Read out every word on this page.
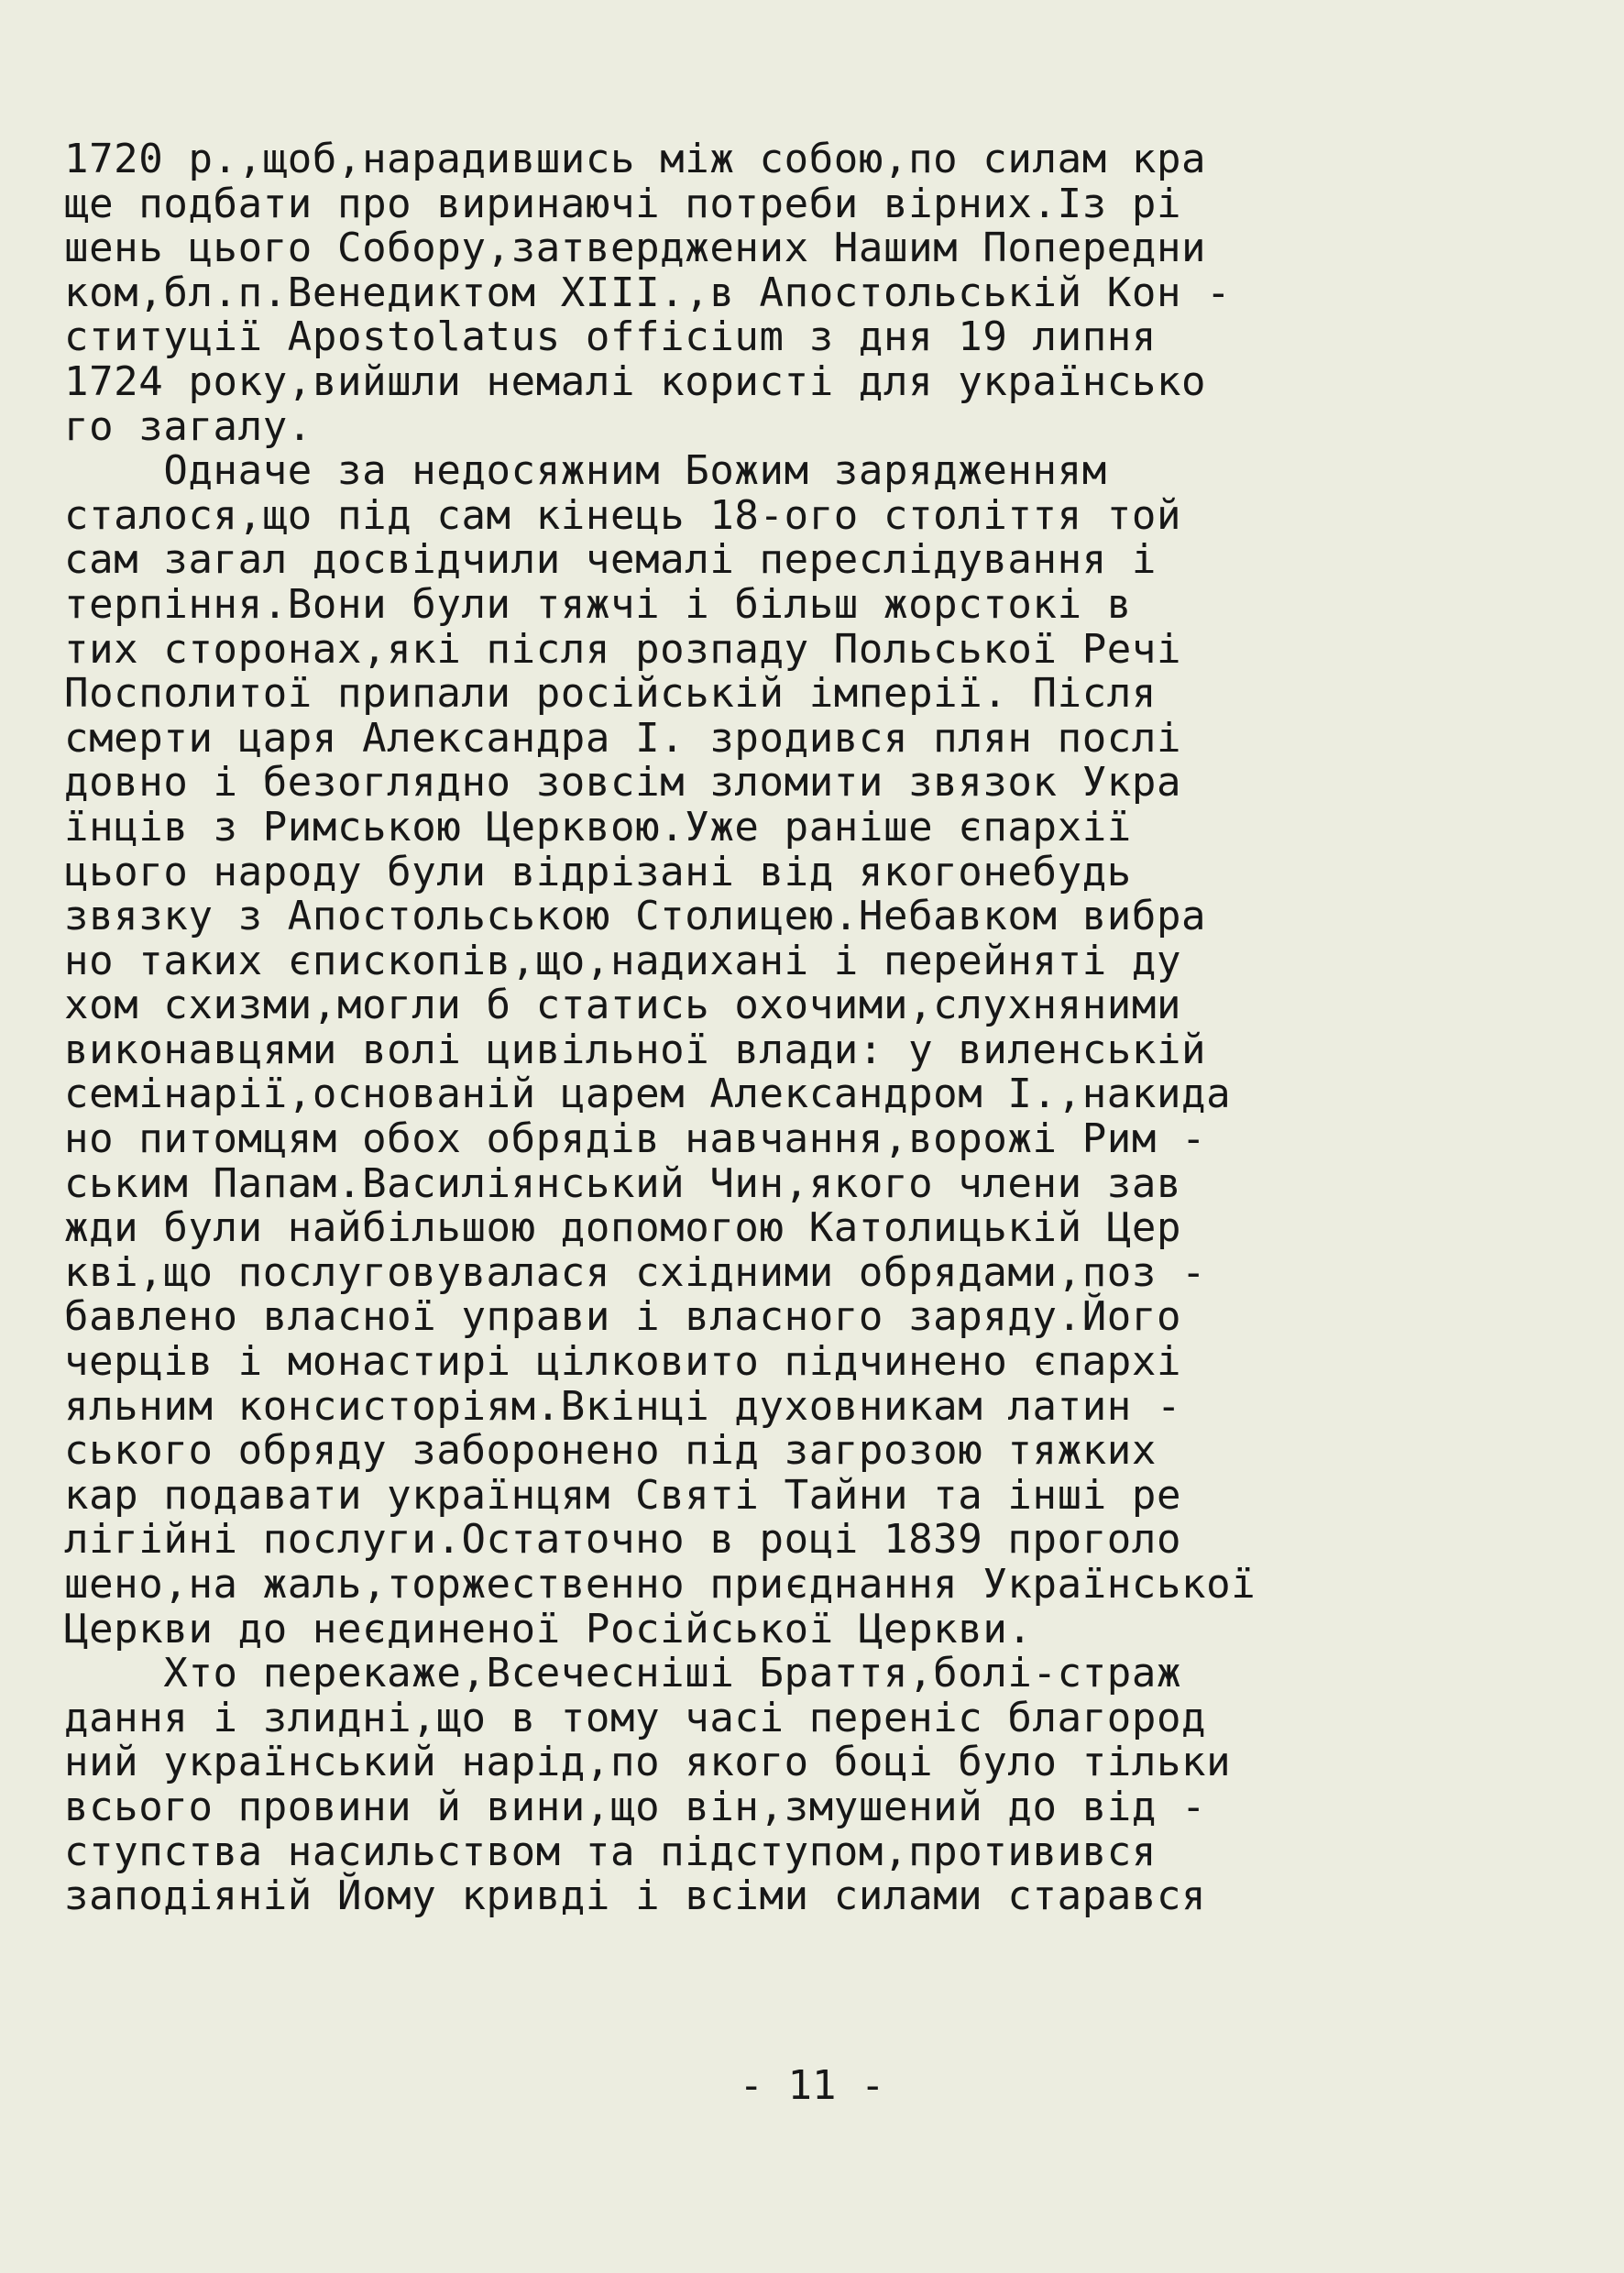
1720 р.,щоб,нарадившись між собою,по силам кра
ще подбати про виринаючі потреби вірних.Із рі
шень цього Собору,затверджених Нашим Попередни
ком,бл.п.Венедиктом XIII.,в Апостольській Кон -
ституції Apostolatus officium з дня 19 липня
1724 року,вийшли немалі користі для українсько
го загалу.
Одначе за недосяжним Божим зарядженням
сталося,що під сам кінець 18-ого століття той
сам загал досвідчили чемалі переслідування і
терпіння.Вони були тяжчі і більш жорстокі в
тих сторонах,які після розпаду Польської Речі
Посполитої припали російській імперії. Після
смерти царя Александра І. зродився плян послі
довно і безоглядно зовсім зломити звязок Укра
їнців з Римською Церквою.Уже раніше єпархії
цього народу були відрізані від якогонебудь
звязку з Апостольською Столицею.Небавком вибра
но таких єпископів,що,надихані і перейняті ду
хом схизми,могли б статись охочими,слухняними
виконавцями волі цивільної влади: у виленській
семінарії,основаній царем Александром І.,накида
но питомцям обох обрядів навчання,ворожі Рим -
ським Папам.Василіянський Чин,якого члени зав
жди були найбільшою допомогою Католицькій Цер
кві,що послуговувалася східними обрядами,поз -
бавлено власної управи і власного заряду.Його
черців і монастирі цілковито підчинено єпархі
яльним консисторіям.Вкінці духовникам латин -
ського обряду заборонено під загрозою тяжких
кар подавати українцям Святі Тайни та інші ре
лігійні послуги.Остаточно в році 1839 проголо
шено,на жаль,торжественно приєднання Української
Церкви до неєдиненої Російської Церкви.
Хто перекаже,Всечесніші Браття,болі-страж
дання і злидні,що в тому часі переніс благород
ний український нарід,по якого боці було тільки
всього провини й вини,що він,змушений до від -
ступства насильством та підступом,противився
заподіяній Йому кривді і всіми силами старався
- 11 -
